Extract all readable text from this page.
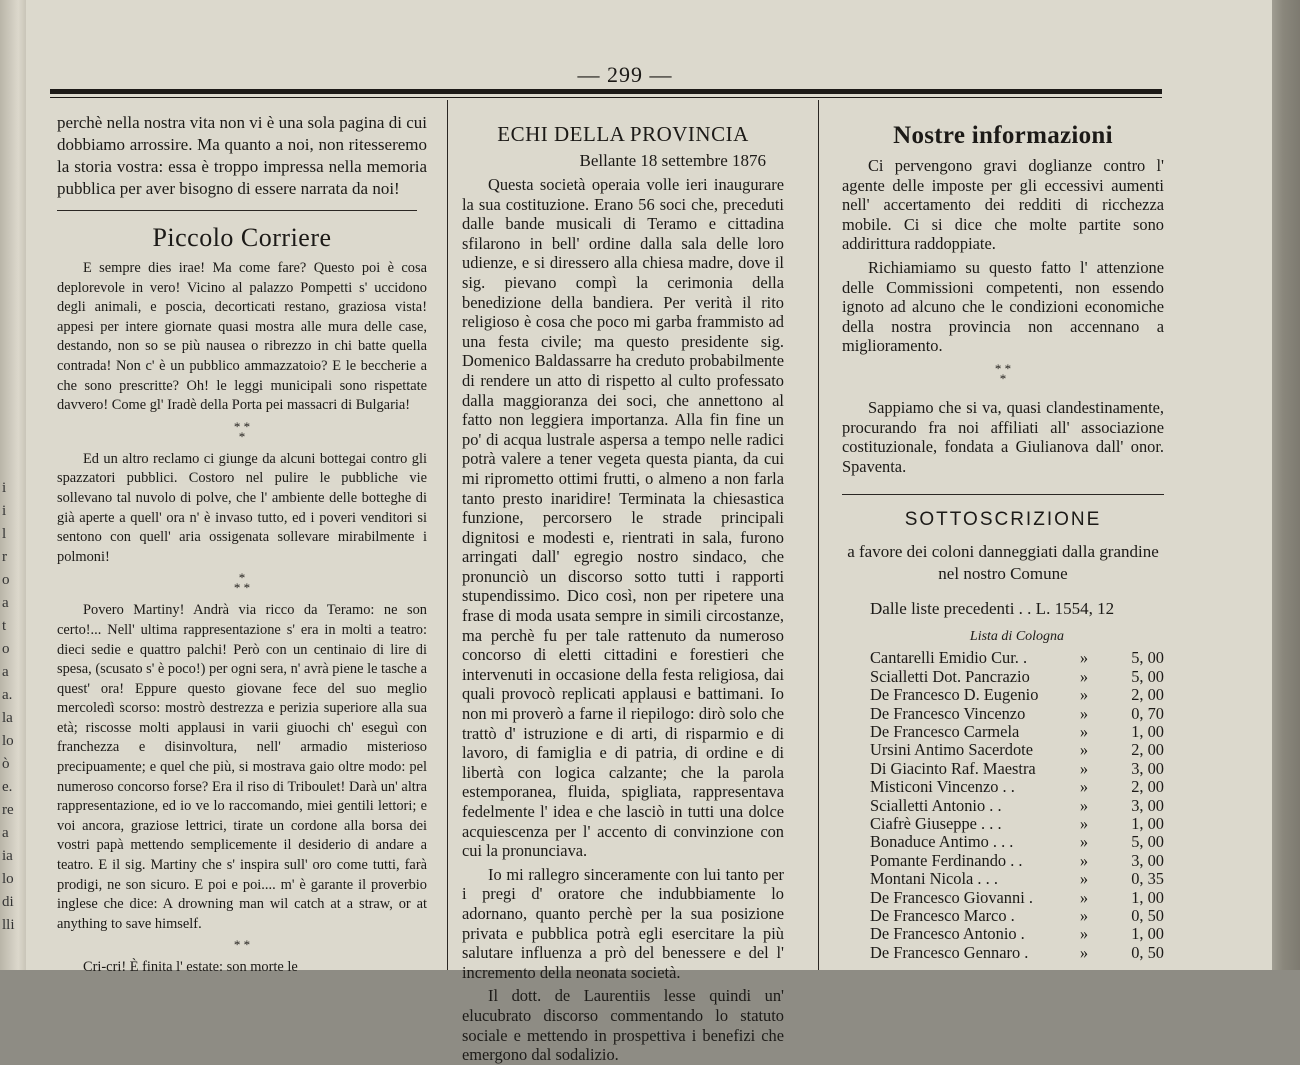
i
i
l
r
o
a
t
o
a
a.
la
lo
ò
e.
re
a
ia
lo
di
lli
— 299 —

perchè nella nostra vita non vi è una sola pagina di cui dobbiamo arrossire. Ma quanto a noi, non ritesseremo la storia vostra: essa è troppo impressa nella memoria pubblica per aver bisogno di essere narrata da noi!

Piccolo Corriere

E sempre dies irae! Ma come fare? Questo poi è cosa deplorevole in vero! Vicino al palazzo Pompetti s' uccidono degli animali, e poscia, decorticati restano, graziosa vista! appesi per intere giornate quasi mostra alle mura delle case, destando, non so se più nausea o ribrezzo in chi batte quella contrada! Non c' è un pubblico ammazzatoio? E le beccherie a che sono prescritte? Oh! le leggi municipali sono rispettate davvero! Come gl' Iradè della Porta pei massacri di Bulgaria!

* *
*

Ed un altro reclamo ci giunge da alcuni bottegai contro gli spazzatori pubblici. Costoro nel pulire le pubbliche vie sollevano tal nuvolo di polve, che l' ambiente delle botteghe di già aperte a quell' ora n' è invaso tutto, ed i poveri venditori si sentono con quell' aria ossigenata sollevare mirabilmente i polmoni!

*
* *

Povero Martiny! Andrà via ricco da Teramo: ne son certo!... Nell' ultima rappresentazione s' era in molti a teatro: dieci sedie e quattro palchi! Però con un centinaio di lire di spesa, (scusato s' è poco!) per ogni sera, n' avrà piene le tasche a quest' ora! Eppure questo giovane fece del suo meglio mercoledì scorso: mostrò destrezza e perizia superiore alla sua età; riscosse molti applausi in varii giuochi ch' eseguì con franchezza e disinvoltura, nell' armadio misterioso precipuamente; e quel che più, si mostrava gaio oltre modo: pel numeroso concorso forse? Era il riso di Triboulet! Darà un' altra rappresentazione, ed io ve lo raccomando, miei gentili lettori; e voi ancora, graziose lettrici, tirate un cordone alla borsa dei vostri papà mettendo semplicemente il desiderio di andare a teatro. E il sig. Martiny che s' inspira sull' oro come tutti, farà prodigi, ne son sicuro. E poi e poi.... m' è garante il proverbio inglese che dice: A drowning man wil catch at a straw, or at anything to save himself.

* *

Cri-cri! È finita l' estate: son morte le

ECHI DELLA PROVINCIA
Bellante 18 settembre 1876

Questa società operaia volle ieri inaugurare la sua costituzione. Erano 56 soci che, preceduti dalle bande musicali di Teramo e cittadina sfilarono in bell' ordine dalla sala delle loro udienze, e si diressero alla chiesa madre, dove il sig. pievano compì la cerimonia della benedizione della bandiera. Per verità il rito religioso è cosa che poco mi garba frammisto ad una festa civile; ma questo presidente sig. Domenico Baldassarre ha creduto probabilmente di rendere un atto di rispetto al culto professato dalla maggioranza dei soci, che annettono al fatto non leggiera importanza. Alla fin fine un po' di acqua lustrale aspersa a tempo nelle radici potrà valere a tener vegeta questa pianta, da cui mi riprometto ottimi frutti, o almeno a non farla tanto presto inaridire! Terminata la chiesastica funzione, percorsero le strade principali dignitosi e modesti e, rientrati in sala, furono arringati dall' egregio nostro sindaco, che pronunciò un discorso sotto tutti i rapporti stupendissimo. Dico così, non per ripetere una frase di moda usata sempre in simili circostanze, ma perchè fu per tale rattenuto da numeroso concorso di eletti cittadini e forestieri che intervenuti in occasione della festa religiosa, dai quali provocò replicati applausi e battimani. Io non mi proverò a farne il riepilogo: dirò solo che trattò d' istruzione e di arti, di risparmio e di lavoro, di famiglia e di patria, di ordine e di libertà con logica calzante; che la parola estemporanea, fluida, spigliata, rappresentava fedelmente l' idea e che lasciò in tutti una dolce acquiescenza per l' accento di convinzione con cui la pronunciava.

Io mi rallegro sinceramente con lui tanto per i pregi d' oratore che indubbiamente lo adornano, quanto perchè per la sua posizione privata e pubblica potrà egli esercitare la più salutare influenza a prò del benessere e del l' incremento della neonata società.

Il dott. de Laurentiis lesse quindi un' elucubrato discorso commentando lo statuto sociale e mettendo in prospettiva i benefizi che emergono dal sodalizio.

Nostre informazioni

Ci pervengono gravi doglianze contro l' agente delle imposte per gli eccessivi aumenti nell' accertamento dei redditi di ricchezza mobile. Ci si dice che molte partite sono addirittura raddoppiate.

Richiamiamo su questo fatto l' attenzione delle Commissioni competenti, non essendo ignoto ad alcuno che le condizioni economiche della nostra provincia non accennano a miglioramento.

* *
*

Sappiamo che si va, quasi clandestinamente, procurando fra noi affiliati all' associazione costituzionale, fondata a Giulianova dall' onor. Spaventa.

SOTTOSCRIZIONE
a favore dei coloni danneggiati dalla grandine nel nostro Comune
Dalle liste precedenti . . L. 1554, 12
Lista di Cologna
Cantarelli Emidio Cur. .	»	5, 00
Scialletti Dot. Pancrazio	»	5, 00
De Francesco D. Eugenio	»	2, 00
De Francesco Vincenzo	»	0, 70
De Francesco Carmela	»	1, 00
Ursini Antimo Sacerdote	»	2, 00
Di Giacinto Raf. Maestra	»	3, 00
Misticoni Vincenzo . .	»	2, 00
Scialletti Antonio . .	»	3, 00
Ciafrè Giuseppe . . .	»	1, 00
Bonaduce Antimo . . .	»	5, 00
Pomante Ferdinando . .	»	3, 00
Montani Nicola . . .	»	0, 35
De Francesco Giovanni .	»	1, 00
De Francesco Marco .	»	0, 50
De Francesco Antonio .	»	1, 00
De Francesco Gennaro .	»	0, 50
